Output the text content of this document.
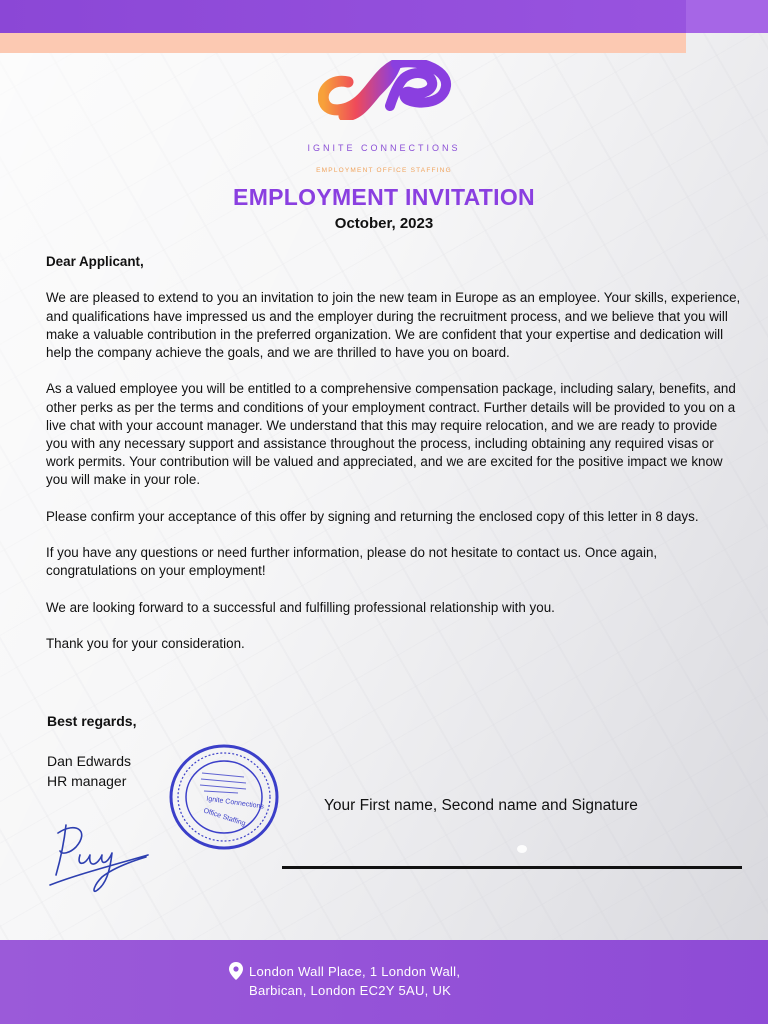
IGNITE CONNECTIONS
EMPLOYMENT OFFICE STAFFING
EMPLOYMENT INVITATION
October, 2023

Dear Applicant,

We are pleased to extend to you an invitation to join the new team in Europe as an employee. Your skills, experience, and qualifications have impressed us and the employer during the recruitment process, and we believe that you will make a valuable contribution in the preferred organization. We are confident that your expertise and dedication will help the company achieve the goals, and we are thrilled to have you on board.

As a valued employee you will be entitled to a comprehensive compensation package, including salary, benefits, and other perks as per the terms and conditions of your employment contract. Further details will be provided to you on a live chat with your account manager. We understand that this may require relocation, and we are ready to provide you with any necessary support and assistance throughout the process, including obtaining any required visas or work permits. Your contribution will be valued and appreciated, and we are excited for the positive impact we know you will make in your role.

Please confirm your acceptance of this offer by signing and returning the enclosed copy of this letter in 8 days.

If you have any questions or need further information, please do not hesitate to contact us. Once again, congratulations on your employment!

We are looking forward to a successful and fulfilling professional relationship with you.

Thank you for your consideration.

Best regards,
Dan Edwards
HR manager
Ignite Connections
Office Staffing
Your First name, Second name and Signature
London Wall Place, 1 London Wall,
Barbican, London EC2Y 5AU, UK
